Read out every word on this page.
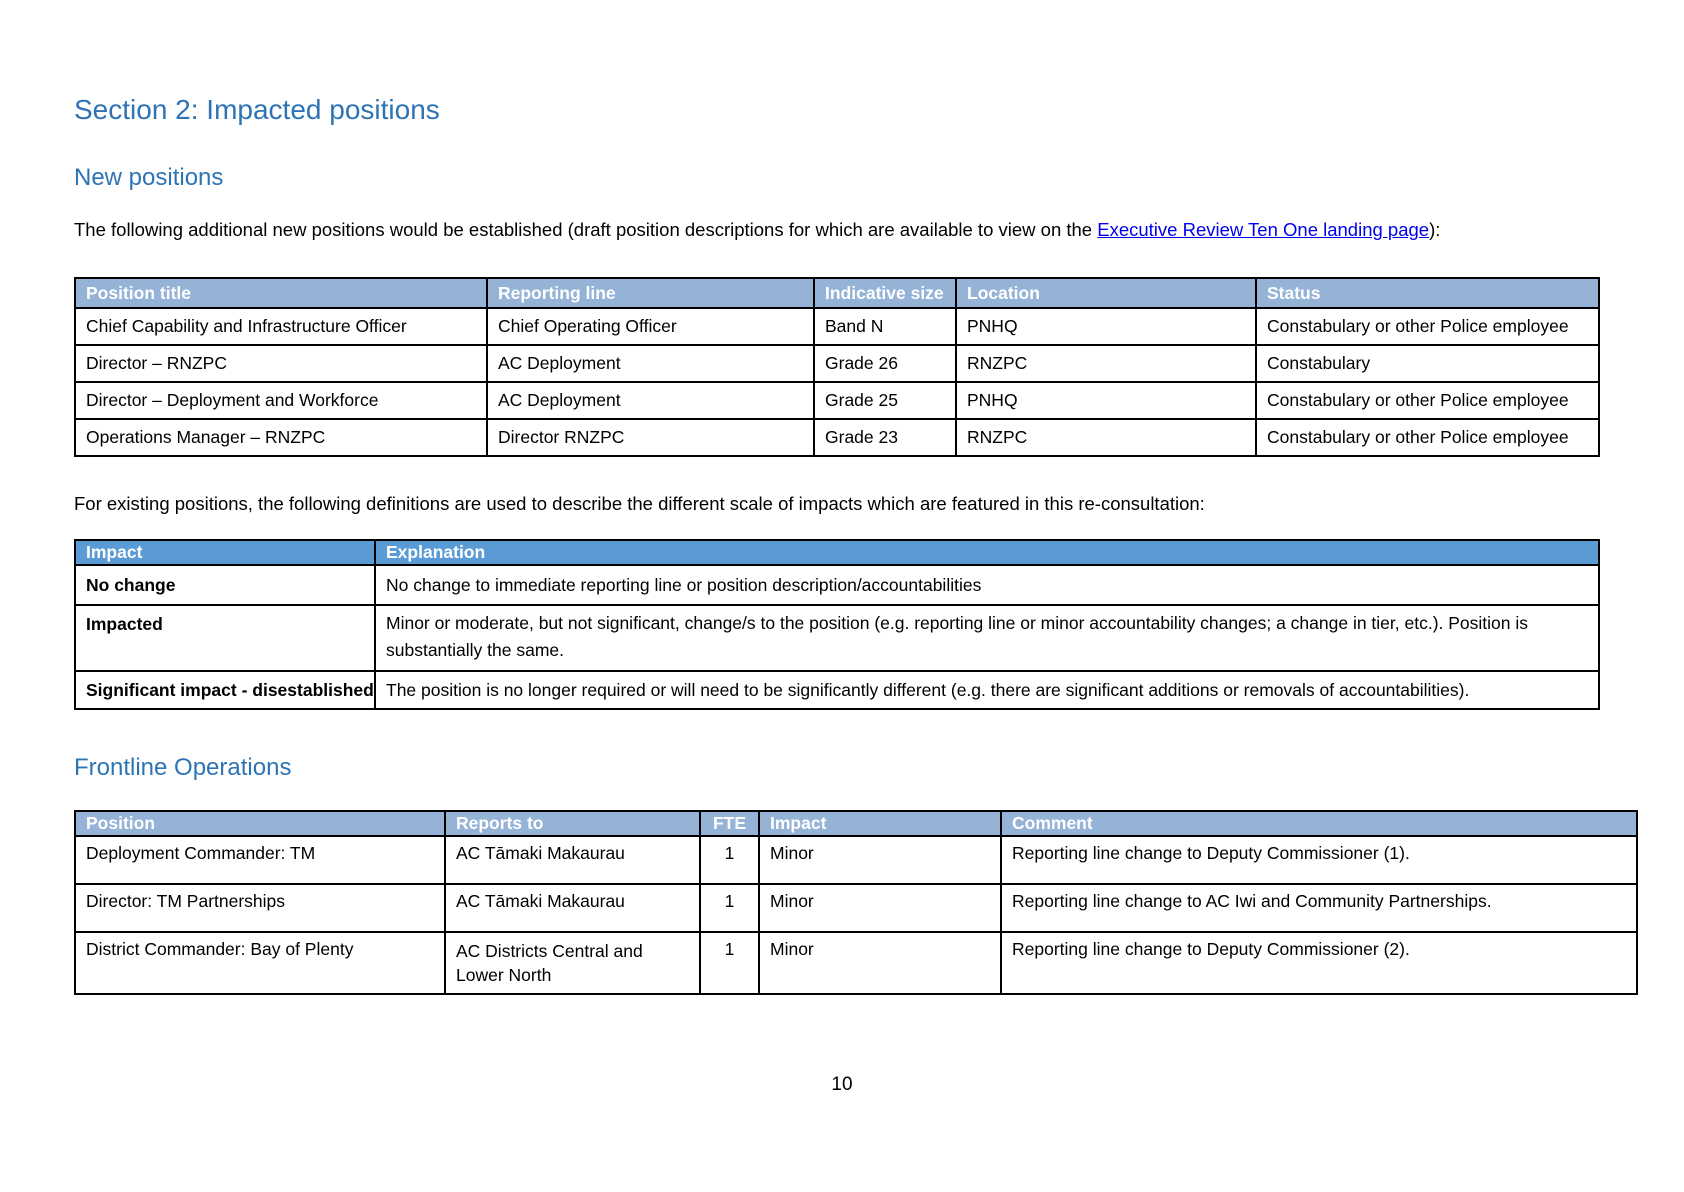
Section 2: Impacted positions
New positions

The following additional new positions would be established (draft position descriptions for which are available to view on the Executive Review Ten One landing page):

Position title	Reporting line	Indicative size	Location	Status
Chief Capability and Infrastructure Officer	Chief Operating Officer	Band N	PNHQ	Constabulary or other Police employee
Director – RNZPC	AC Deployment	Grade 26	RNZPC	Constabulary
Director – Deployment and Workforce	AC Deployment	Grade 25	PNHQ	Constabulary or other Police employee
Operations Manager – RNZPC	Director RNZPC	Grade 23	RNZPC	Constabulary or other Police employee

For existing positions, the following definitions are used to describe the different scale of impacts which are featured in this re-consultation:

Impact	Explanation
No change	No change to immediate reporting line or position description/accountabilities
Impacted	Minor or moderate, but not significant, change/s to the position (e.g. reporting line or minor accountability changes; a change in tier, etc.). Position is substantially the same.
Significant impact - disestablished	The position is no longer required or will need to be significantly different (e.g. there are significant additions or removals of accountabilities).
Frontline Operations
Position	Reports to	FTE	Impact	Comment
Deployment Commander: TM	AC Tāmaki Makaurau	1	Minor	Reporting line change to Deputy Commissioner (1).
Director: TM Partnerships	AC Tāmaki Makaurau	1	Minor	Reporting line change to AC Iwi and Community Partnerships.
District Commander: Bay of Plenty	AC Districts Central and Lower North	1	Minor	Reporting line change to Deputy Commissioner (2).
10
